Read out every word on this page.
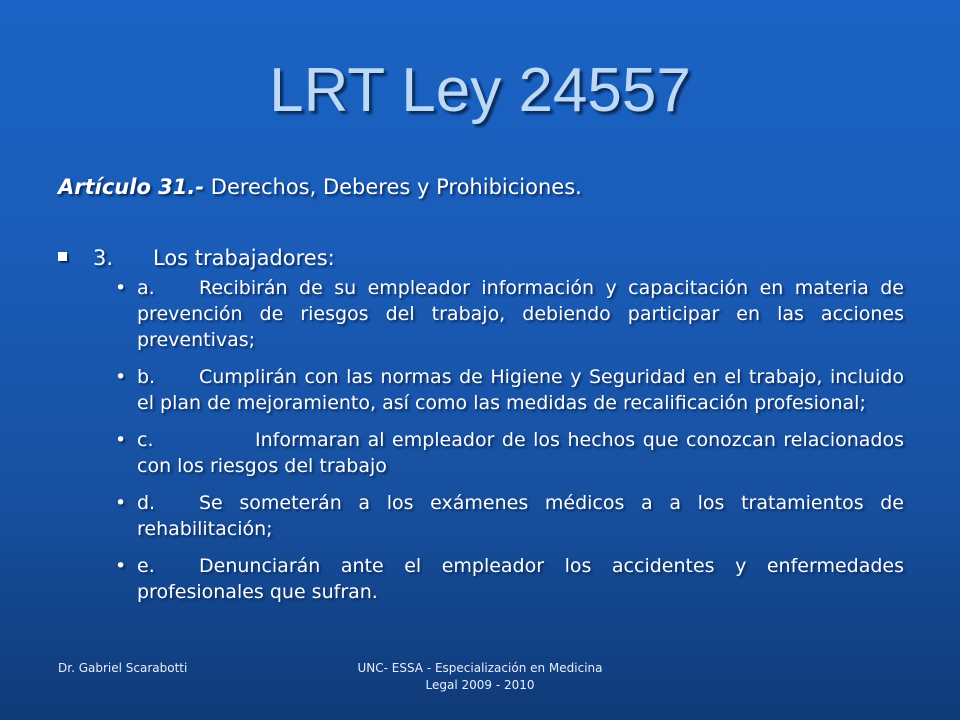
LRT Ley 24557
Artículo 31.- Derechos, Deberes y Prohibiciones.
3. Los trabajadores:
• a. Recibirán de su empleador información y capacitación en materia de prevención de riesgos del trabajo, debiendo participar en las acciones preventivas;
• b. Cumplirán con las normas de Higiene y Seguridad en el trabajo, incluido el plan de mejoramiento, así como las medidas de recalificación profesional;
• c.	Informaran al empleador de los hechos que conozcan relacionados con los riesgos del trabajo
• d. Se someterán a los exámenes médicos a a los tratamientos de rehabilitación;
• e. Denunciarán ante el empleador los accidentes y enfermedades profesionales que sufran.
Dr. Gabriel Scarabotti	UNC- ESSA - Especialización en Medicina
Legal 2009 - 2010
